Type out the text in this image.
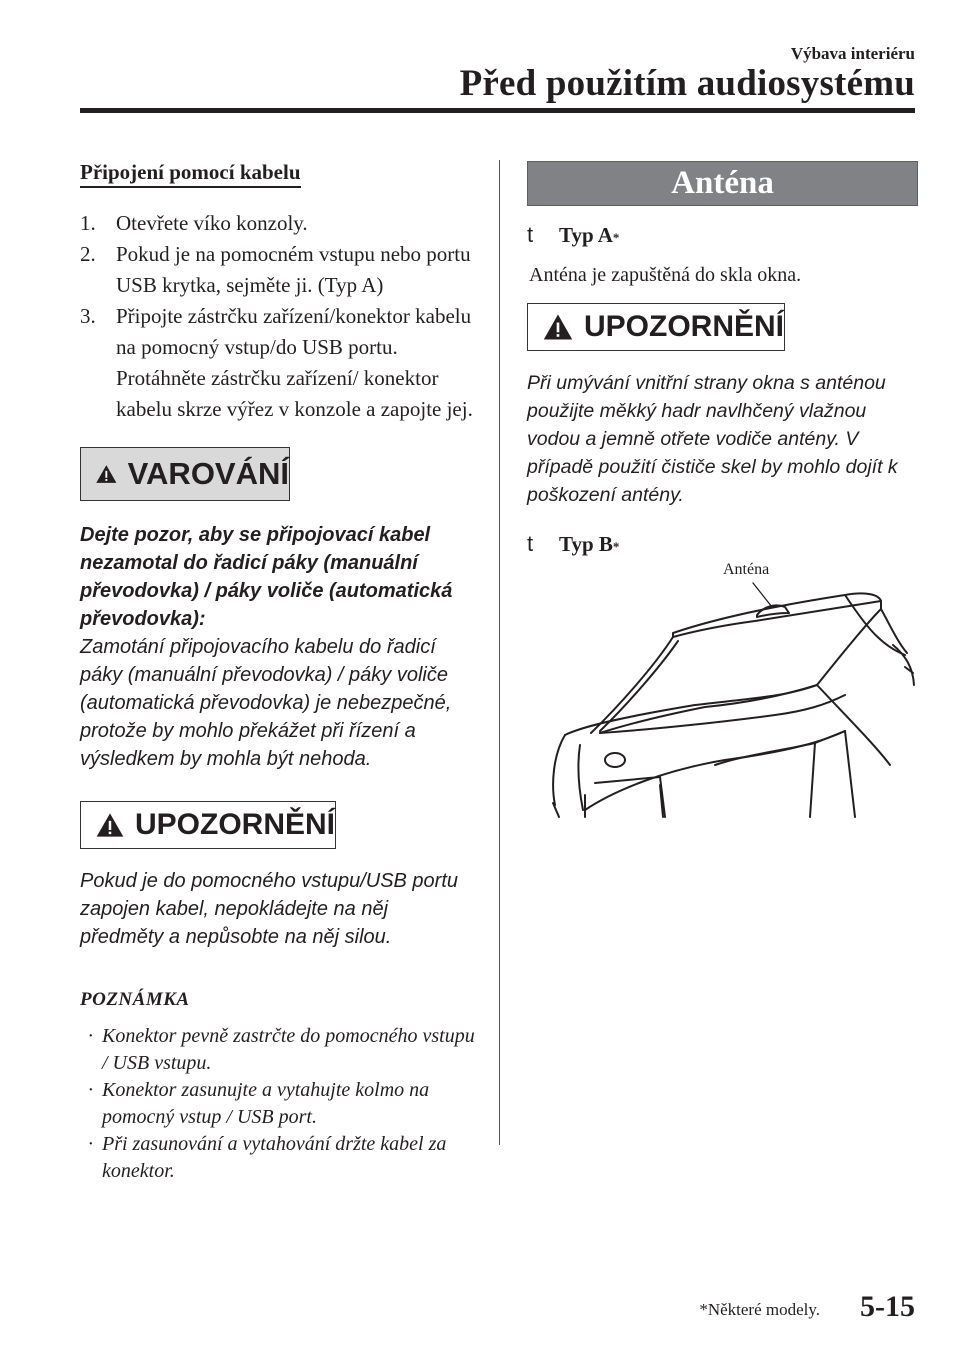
Výbava interiéru
Před použitím audiosystému
Připojení pomocí kabelu
1. Otevřete víko konzoly.
2. Pokud je na pomocném vstupu nebo portu USB krytka, sejměte ji. (Typ A)
3. Připojte zástrčku zařízení/konektor kabelu na pomocný vstup/do USB portu. Protáhněte zástrčku zařízení/ konektor kabelu skrze výřez v konzole a zapojte jej.
VAROVÁNÍ
Dejte pozor, aby se připojovací kabel nezamotal do řadicí páky (manuální převodovka) / páky voliče (automatická převodovka):
Zamotání připojovacího kabelu do řadicí páky (manuální převodovka) / páky voliče (automatická převodovka) je nebezpečné, protože by mohlo překážet při řízení a výsledkem by mohla být nehoda.
UPOZORNĚNÍ
Pokud je do pomocného vstupu/USB portu zapojen kabel, nepokládejte na něj předměty a nepůsobte na něj silou.
POZNÁMKA
· Konektor pevně zastrčte do pomocného vstupu / USB vstupu.
· Konektor zasunujte a vytahujte kolmo na pomocný vstup / USB port.
· Při zasunování a vytahování držte kabel za konektor.
Anténa
t	Typ A *
Anténa je zapuštěná do skla okna.
UPOZORNĚNÍ
Při umývání vnitřní strany okna s anténou použijte měkký hadr navlhčený vlažnou vodou a jemně otřete vodiče antény. V případě použití čističe skel by mohlo dojít k poškození antény.
t	Typ B *
Anténa
*Některé modely. 5-15
